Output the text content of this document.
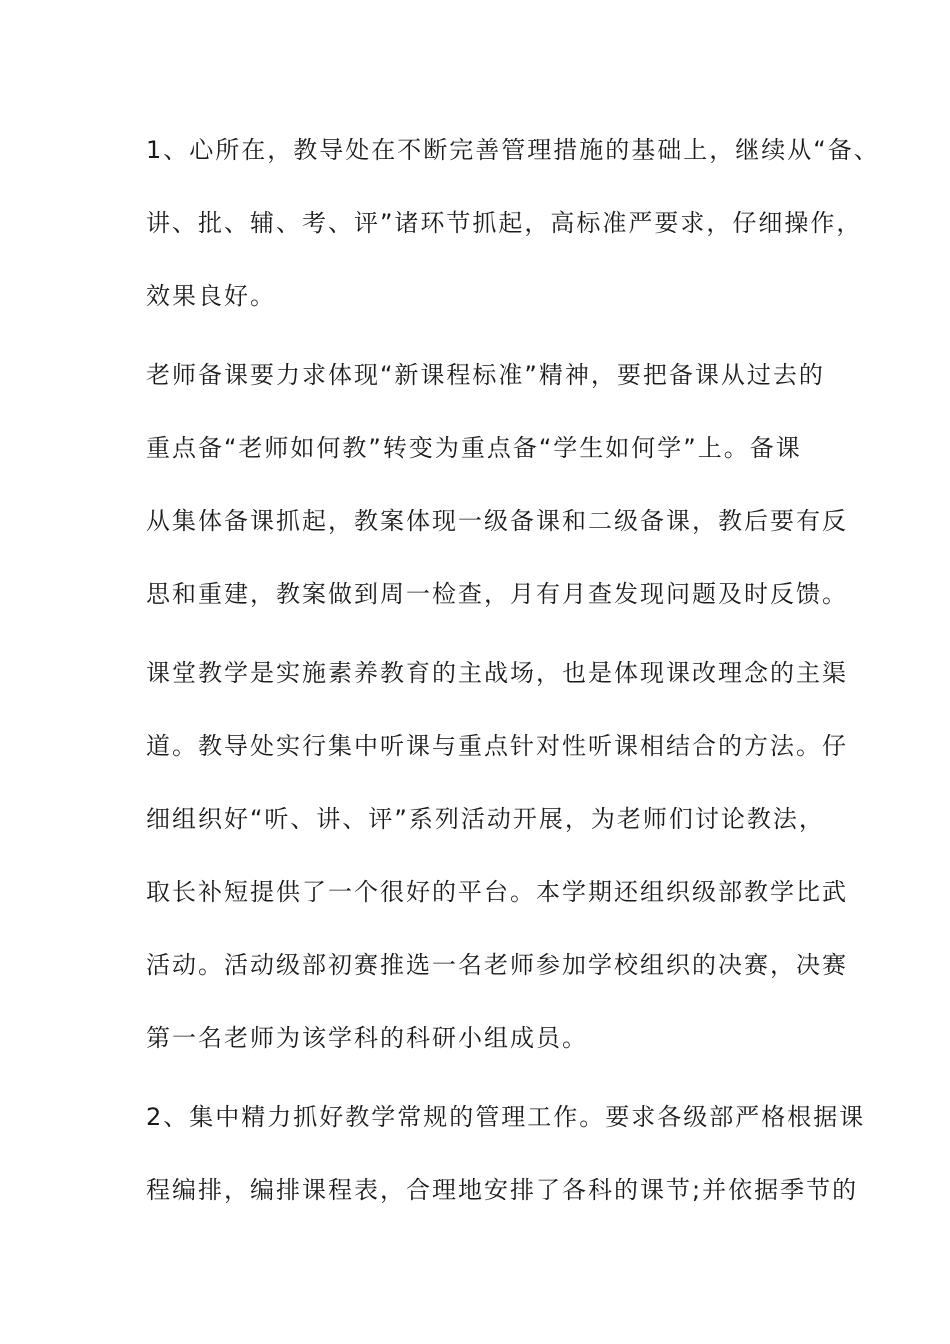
1、心所在，教导处在不断完善管理措施的基础上，继续从“备、
讲、批、辅、考、评”诸环节抓起，高标准严要求，仔细操作，
效果良好。
老师备课要力求体现“新课程标准”精神，要把备课从过去的
重点备“老师如何教”转变为重点备“学生如何学”上。备课
从集体备课抓起，教案体现一级备课和二级备课，教后要有反
思和重建，教案做到周一检查，月有月查发现问题及时反馈。
课堂教学是实施素养教育的主战场，也是体现课改理念的主渠
道。教导处实行集中听课与重点针对性听课相结合的方法。仔
细组织好“听、讲、评”系列活动开展，为老师们讨论教法，
取长补短提供了一个很好的平台。本学期还组织级部教学比武
活动。活动级部初赛推选一名老师参加学校组织的决赛，决赛
第一名老师为该学科的科研小组成员。
2、集中精力抓好教学常规的管理工作。要求各级部严格根据课
程编排，编排课程表，合理地安排了各科的课节;并依据季节的
